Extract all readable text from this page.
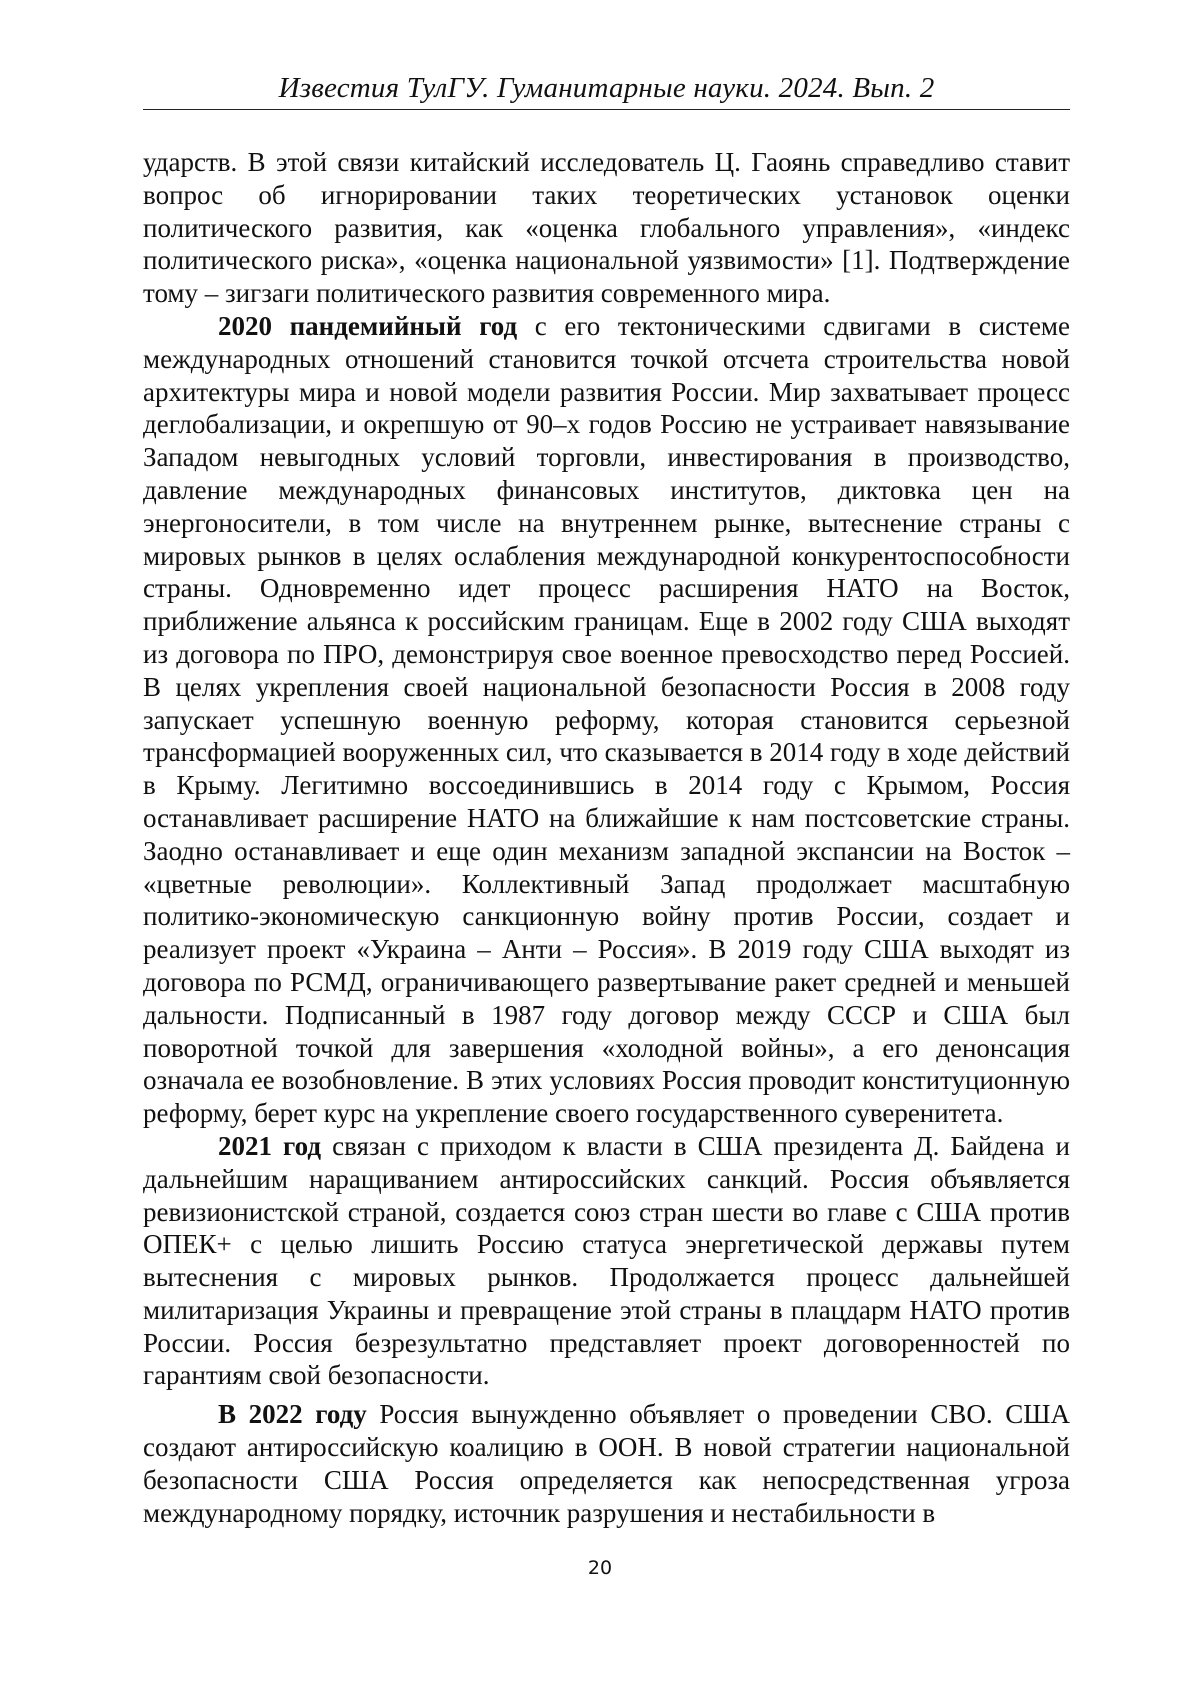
Известия ТулГУ. Гуманитарные науки. 2024. Вып. 2

ударств. В этой связи китайский исследователь Ц. Гаоянь справедливо ставит вопрос об игнорировании таких теоретических установок оценки политического развития, как «оценка глобального управления», «индекс политического риска», «оценка национальной уязвимости» [1]. Подтверждение тому – зигзаги политического развития современного мира.

2020 пандемийный год с его тектоническими сдвигами в системе международных отношений становится точкой отсчета строительства новой архитектуры мира и новой модели развития России. Мир захватывает процесс деглобализации, и окрепшую от 90–х годов Россию не устраивает навязывание Западом невыгодных условий торговли, инвестирования в производство, давление международных финансовых институтов, диктовка цен на энергоносители, в том числе на внутреннем рынке, вытеснение страны с мировых рынков в целях ослабления международной конкурентоспособности страны. Одновременно идет процесс расширения НАТО на Восток, приближение альянса к российским границам. Еще в 2002 году США выходят из договора по ПРО, демонстрируя свое военное превосходство перед Россией. В целях укрепления своей национальной безопасности Россия в 2008 году запускает успешную военную реформу, которая становится серьезной трансформацией вооруженных сил, что сказывается в 2014 году в ходе действий в Крыму. Легитимно воссоединившись в 2014 году с Крымом, Россия останавливает расширение НАТО на ближайшие к нам постсоветские страны. Заодно останавливает и еще один механизм западной экспансии на Восток – «цветные революции». Коллективный Запад продолжает масштабную политико-экономическую санкционную войну против России, создает и реализует проект «Украина ‒ Анти – Россия». В 2019 году США выходят из договора по РСМД, ограничивающего развертывание ракет средней и меньшей дальности. Подписанный в 1987 году договор между СССР и США был поворотной точкой для завершения «холодной войны», а его денонсация означала ее возобновление. В этих условиях Россия проводит конституционную реформу, берет курс на укрепление своего государственного суверенитета.

2021 год связан с приходом к власти в США президента Д. Байдена и дальнейшим наращиванием антироссийских санкций. Россия объявляется ревизионистской страной, создается союз стран шести во главе с США против ОПЕК+ с целью лишить Россию статуса энергетической державы путем вытеснения с мировых рынков. Продолжается процесс дальнейшей милитаризация Украины и превращение этой страны в плацдарм НАТО против России. Россия безрезультатно представляет проект договоренностей по гарантиям свой безопасности.

В 2022 году Россия вынужденно объявляет о проведении СВО. США создают антироссийскую коалицию в ООН. В новой стратегии национальной безопасности США Россия определяется как непосредственная угроза международному порядку, источник разрушения и нестабильности в

20
